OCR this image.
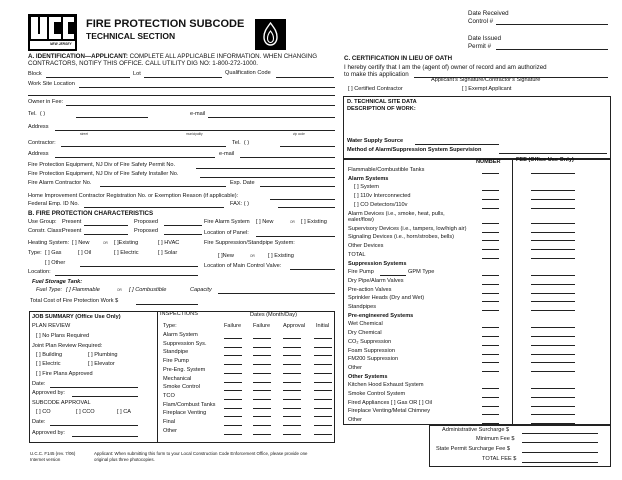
NEW JERSEY
FIRE PROTECTION SUBCODE
TECHNICAL SECTION
Date Received
Control #
Date Issued
Permit #
A. IDENTIFICATION—APPLICANT: COMPLETE ALL APPLICABLE INFORMATION. WHEN CHANGING
CONTRACTORS, NOTIFY THIS OFFICE. CALL UTILITY DIG NO: 1-800-272-1000.
Block	Lot	Qualification Code
Work Site Location
Owner in Fee:
Tel. ( )	e-mail
Address
street	municipality	zip code
Contractor:	Tel. ( )
Address	e-mail
Fire Protection Equipment, NJ Div of Fire Safety Permit No.
Fire Protection Equipment, NJ Div of Fire Safety Installer No.
Fire Alarm Contractor No.	Exp. Date
Home Improvement Contractor Registration No. or Exemption Reason (if applicable):
Federal Emp. ID No.	FAX: ( )
B. FIRE PROTECTION CHARACTERISTICS
Use Group: Present	Proposed	Fire Alarm System [ ] New	OR [ ] Existing
Constr. Class: Present	Proposed	Location of Panel:
Heating System: [ ] New	OR [ ]Existing	[ ] HVAC	Fire Suppression/Standpipe System:
Type: [ ] Gas	[ ] Oil	[ ] Electric	[ ] Solar	[ ]New	OR [ ] Existing
[ ] Other	Location of Main Control Valve:
Location:
Fuel Storage Tank:
Fuel Type: [ ] Flammable	OR [ ] Combustible	Capacity
Total Cost of Fire Protection Work $
JOB SUMMARY (Office Use Only)
PLAN REVIEW
[ ] No Plans Required
Joint Plan Review Required:
[ ] Building	[ ] Plumbing
[ ] Electric	[ ] Elevator
[ ] Fire Plans Approved
Date:
Approved by:
SUBCODE APPROVAL
[ ] CO	[ ] CCO	[ ] CA
Date:
Approved by:
INSPECTIONS	Dates (Month/Day)
Type:	Failure Failure Approval Initial
Alarm System
Suppression Sys.
Standpipe
Fire Pump
Pre-Eng. System
Mechanical
Smoke Control
TCO
Flam/Combust Tanks
Fireplace Venting
Final
Other
C. CERTIFICATION IN LIEU OF OATH
I hereby certify that I am the (agent of) owner of record and am authorized
to make this application
Applicant's Signature/Contractor's Signature
[ ] Certified Contractor	[ ] Exempt Applicant
D. TECHNICAL SITE DATA
DESCRIPTION OF WORK:
Water Supply Source
Method of Alarm/Suppression System Supervision
NUMBER	FEE (Office Use Only)
Flammable/Combustible Tanks
Alarm Systems
[ ] System
[ ] 110v Interconnected
[ ] CO Detectors/110v
Alarm Devices (i.e., smoke, heat, pulls,
ealer/flow)
Supervisory Devices (i.e., tampers, low/high air)
Signaling Devices (i.e., horn/strobes, bells)
Other Devices
TOTAL
Suppression Systems
Fire Pump	GPM Type
Dry Pipe/Alarm Valves
Pre-action Valves
Sprinkler Heads (Dry and Wet)
Standpipes
Pre-engineered Systems
Wet Chemical
Dry Chemical
CO₂ Suppression
Foam Suppression
FM200 Suppression
Other
Other Systems
Kitchen Hood Exhaust System
Smoke Control System
Fired Appliances [ ] Gas OR [ ] Oil
Fireplace Venting/Metal Chimney
Other
Administrative Surcharge $
Minimum Fee $
State Permit Surcharge Fee $
TOTAL FEE $
U.C.C. F145 (rev. 7/06)
Internet version
Applicant: When submitting this form to your Local Construction Code Enforcement Office, please provide one
original plus three photocopies.
